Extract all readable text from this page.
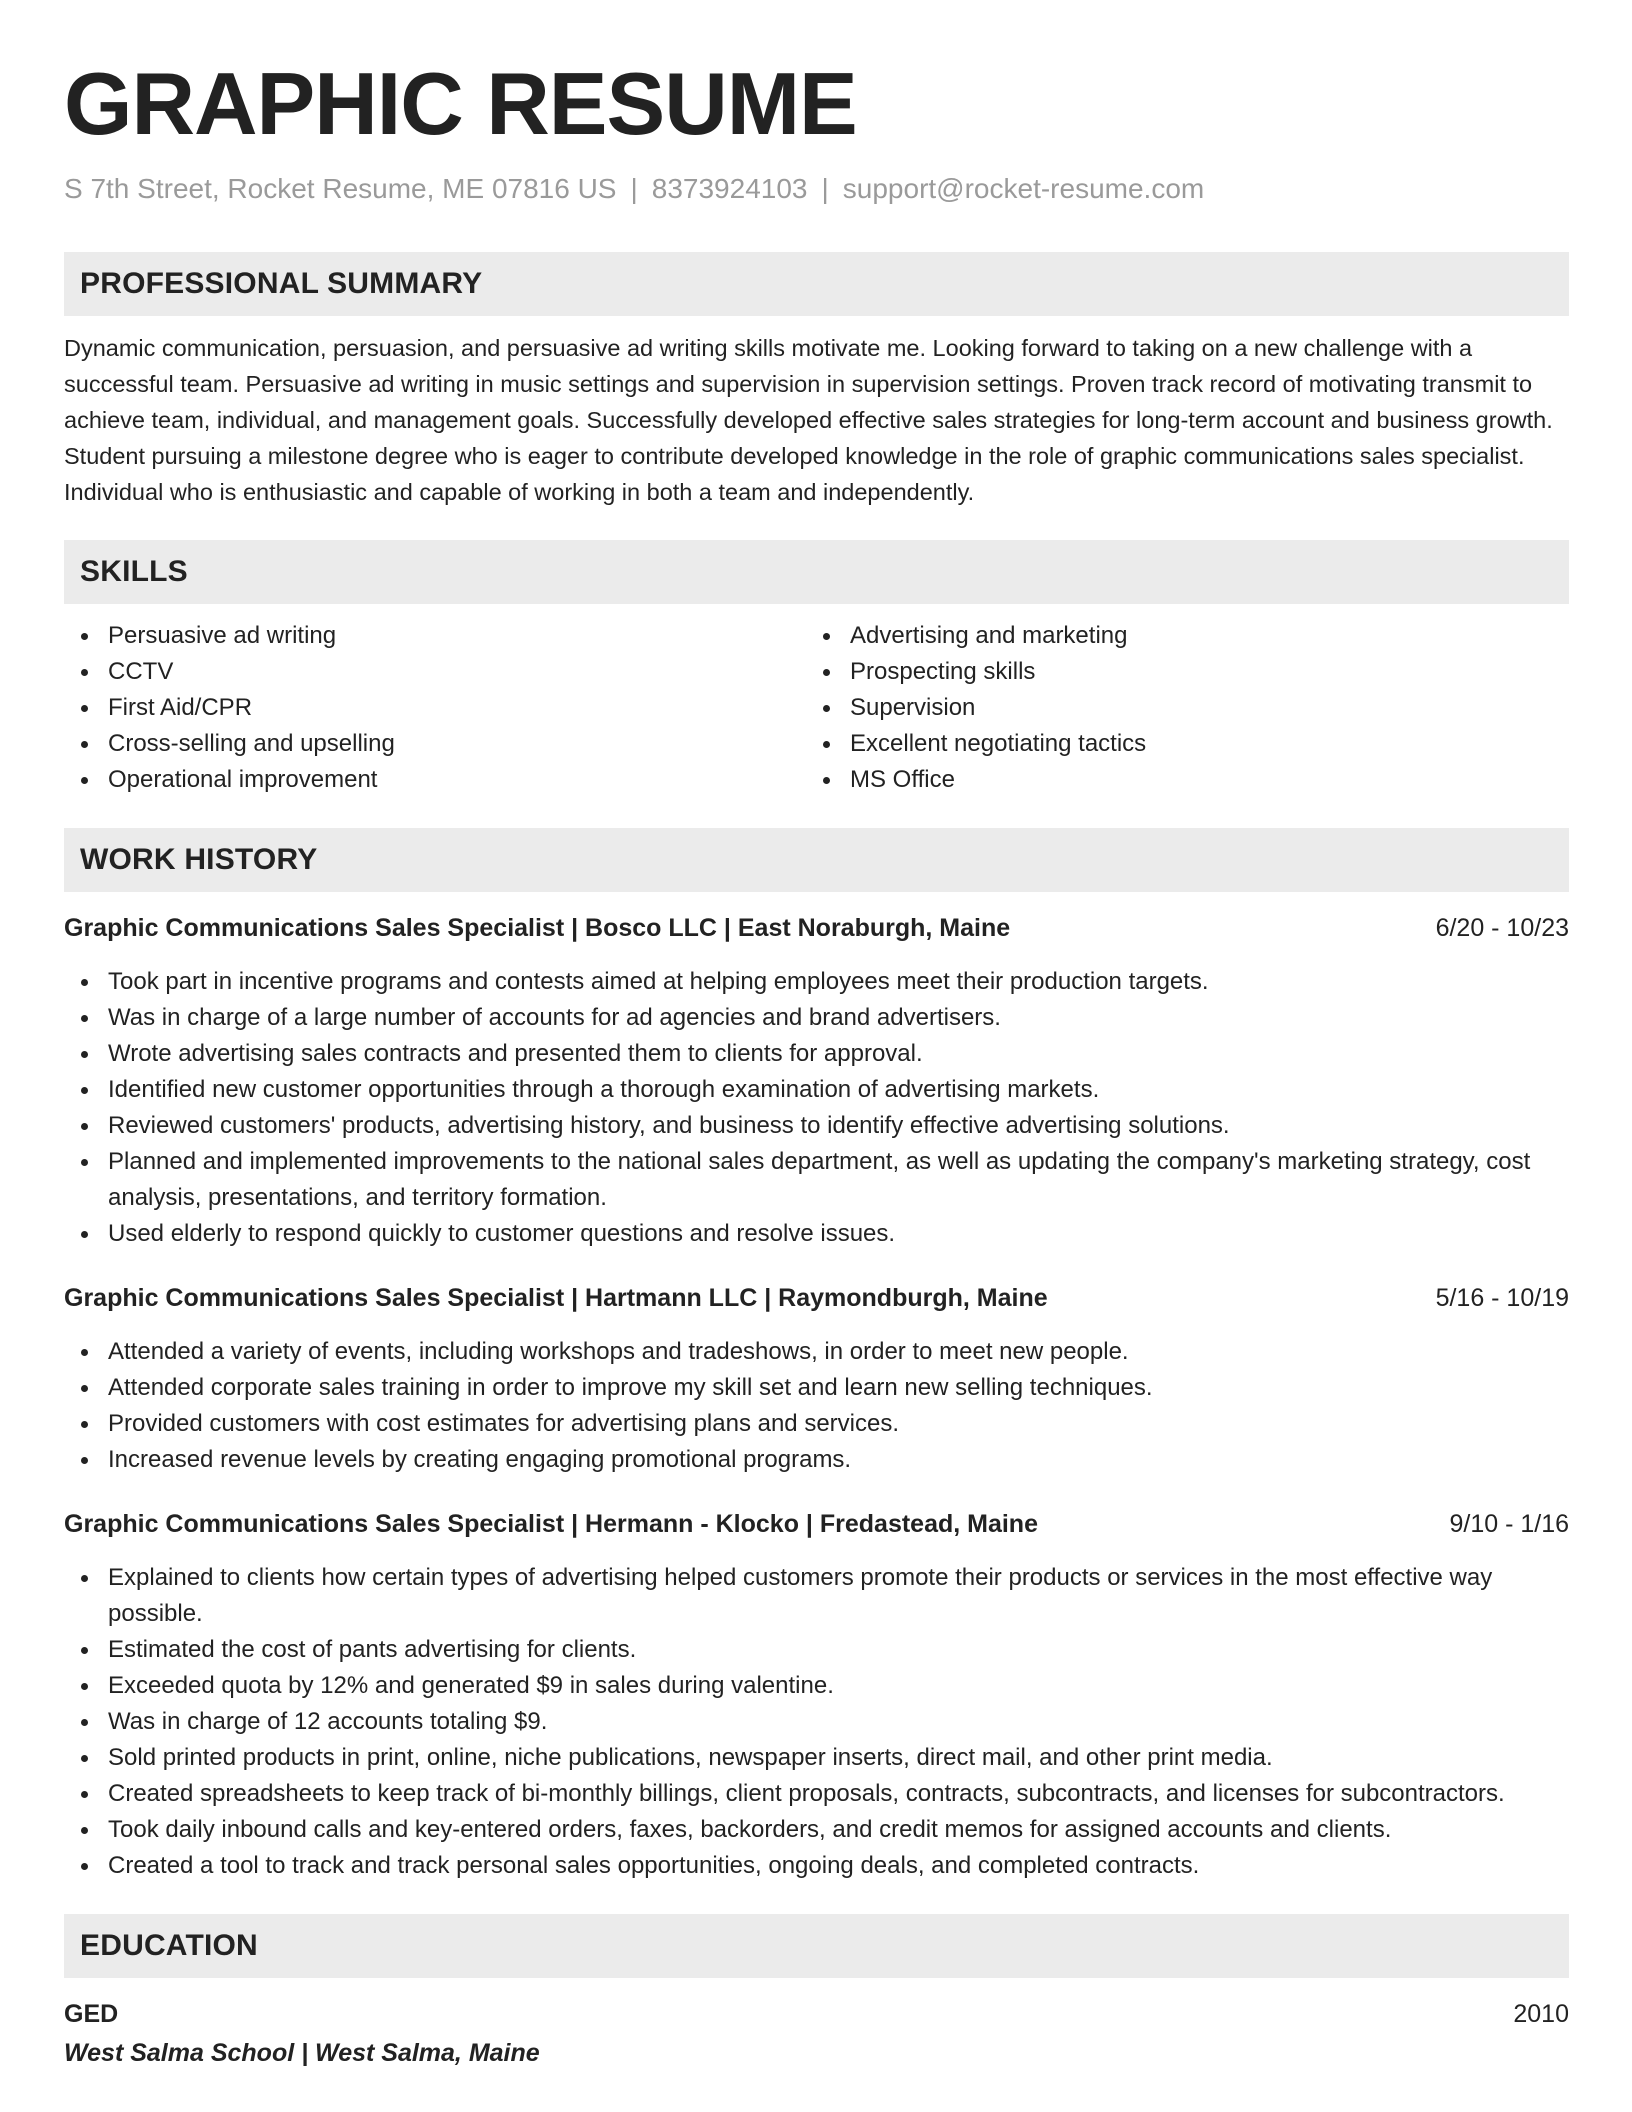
GRAPHIC RESUME
S 7th Street, Rocket Resume, ME 07816 US | 8373924103 | support@rocket-resume.com
PROFESSIONAL SUMMARY

Dynamic communication, persuasion, and persuasive ad writing skills motivate me. Looking forward to taking on a new challenge with a successful team. Persuasive ad writing in music settings and supervision in supervision settings. Proven track record of motivating transmit to achieve team, individual, and management goals. Successfully developed effective sales strategies for long-term account and business growth. Student pursuing a milestone degree who is eager to contribute developed knowledge in the role of graphic communications sales specialist. Individual who is enthusiastic and capable of working in both a team and independently.

SKILLS
Persuasive ad writing
CCTV
First Aid/CPR
Cross-selling and upselling
Operational improvement
Advertising and marketing
Prospecting skills
Supervision
Excellent negotiating tactics
MS Office
WORK HISTORY
Graphic Communications Sales Specialist | Bosco LLC | East Noraburgh, Maine	6/20 - 10/23
Took part in incentive programs and contests aimed at helping employees meet their production targets.
Was in charge of a large number of accounts for ad agencies and brand advertisers.
Wrote advertising sales contracts and presented them to clients for approval.
Identified new customer opportunities through a thorough examination of advertising markets.
Reviewed customers' products, advertising history, and business to identify effective advertising solutions.
Planned and implemented improvements to the national sales department, as well as updating the company's marketing strategy, cost analysis, presentations, and territory formation.
Used elderly to respond quickly to customer questions and resolve issues.
Graphic Communications Sales Specialist | Hartmann LLC | Raymondburgh, Maine	5/16 - 10/19
Attended a variety of events, including workshops and tradeshows, in order to meet new people.
Attended corporate sales training in order to improve my skill set and learn new selling techniques.
Provided customers with cost estimates for advertising plans and services.
Increased revenue levels by creating engaging promotional programs.
Graphic Communications Sales Specialist | Hermann - Klocko | Fredastead, Maine	9/10 - 1/16
Explained to clients how certain types of advertising helped customers promote their products or services in the most effective way possible.
Estimated the cost of pants advertising for clients.
Exceeded quota by 12% and generated $9 in sales during valentine.
Was in charge of 12 accounts totaling $9.
Sold printed products in print, online, niche publications, newspaper inserts, direct mail, and other print media.
Created spreadsheets to keep track of bi-monthly billings, client proposals, contracts, subcontracts, and licenses for subcontractors.
Took daily inbound calls and key-entered orders, faxes, backorders, and credit memos for assigned accounts and clients.
Created a tool to track and track personal sales opportunities, ongoing deals, and completed contracts.
EDUCATION
GED	2010
West Salma School | West Salma, Maine
